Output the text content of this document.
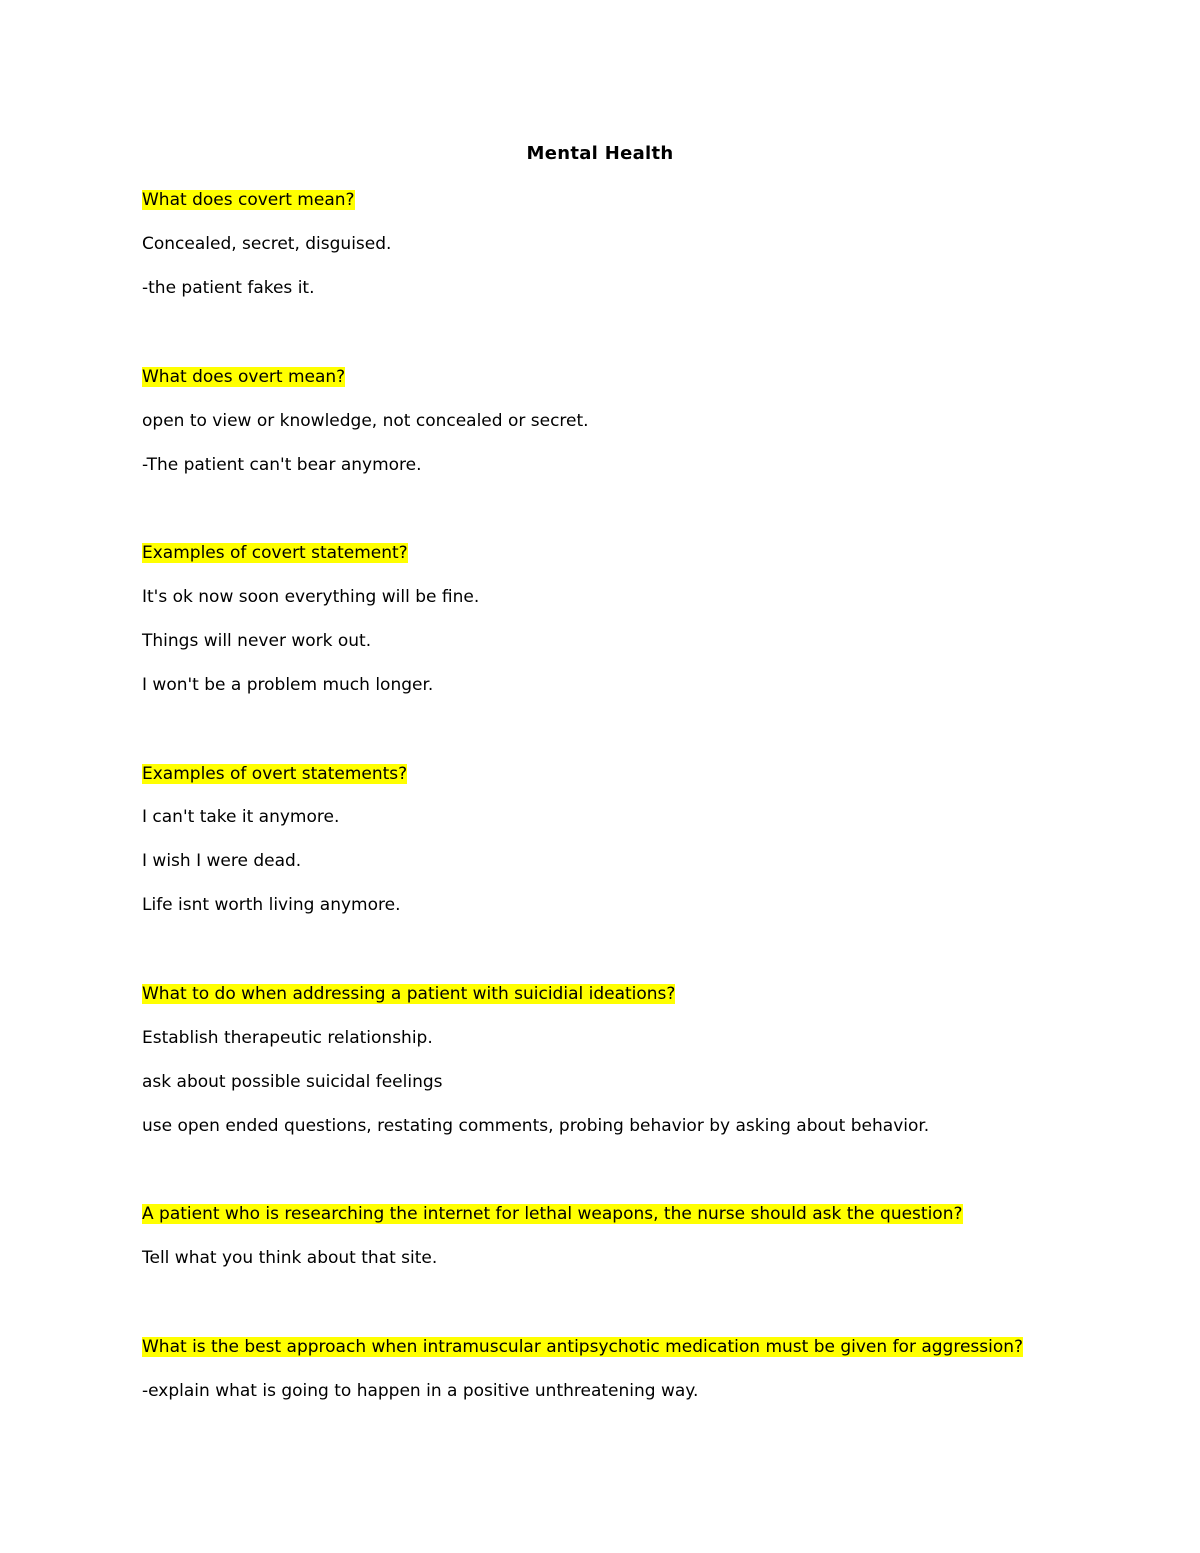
Mental Health
What does covert mean?
Concealed, secret, disguised.
-the patient fakes it.
What does overt mean?
open to view or knowledge, not concealed or secret.
-The patient can't bear anymore.
Examples of covert statement?
It's ok now soon everything will be fine.
Things will never work out.
I won't be a problem much longer.
Examples of overt statements?
I can't take it anymore.
I wish I were dead.
Life isnt worth living anymore.
What to do when addressing a patient with suicidial ideations?
Establish therapeutic relationship.
ask about possible suicidal feelings
use open ended questions, restating comments, probing behavior by asking about behavior.
A patient who is researching the internet for lethal weapons, the nurse should ask the question?
Tell what you think about that site.
What is the best approach when intramuscular antipsychotic medication must be given for aggression?
-explain what is going to happen in a positive unthreatening way.
